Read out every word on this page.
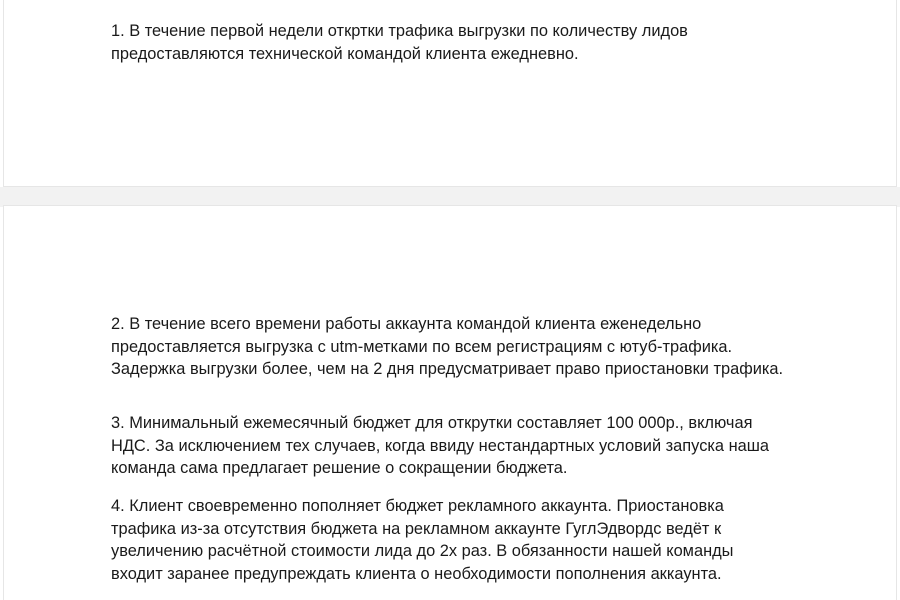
1. В течение первой недели откртки трафика выгрузки по количеству лидов
предоставляются технической командой клиента ежедневно.

2. В течение всего времени работы аккаунта командой клиента еженедельно
предоставляется выгрузка с utm-метками по всем регистрациям с ютуб-трафика.
Задержка выгрузки более, чем на 2 дня предусматривает право приостановки трафика.

3. Минимальный ежемесячный бюджет для открутки составляет 100 000р., включая
НДС. За исключением тех случаев, когда ввиду нестандартных условий запуска наша
команда сама предлагает решение о сокращении бюджета.

4. Клиент своевременно пополняет бюджет рекламного аккаунта. Приостановка
трафика из-за отсутствия бюджета на рекламном аккаунте ГуглЭдвордс ведёт к
увеличению расчётной стоимости лида до 2х раз. В обязанности нашей команды
входит заранее предупреждать клиента о необходимости пополнения аккаунта.
